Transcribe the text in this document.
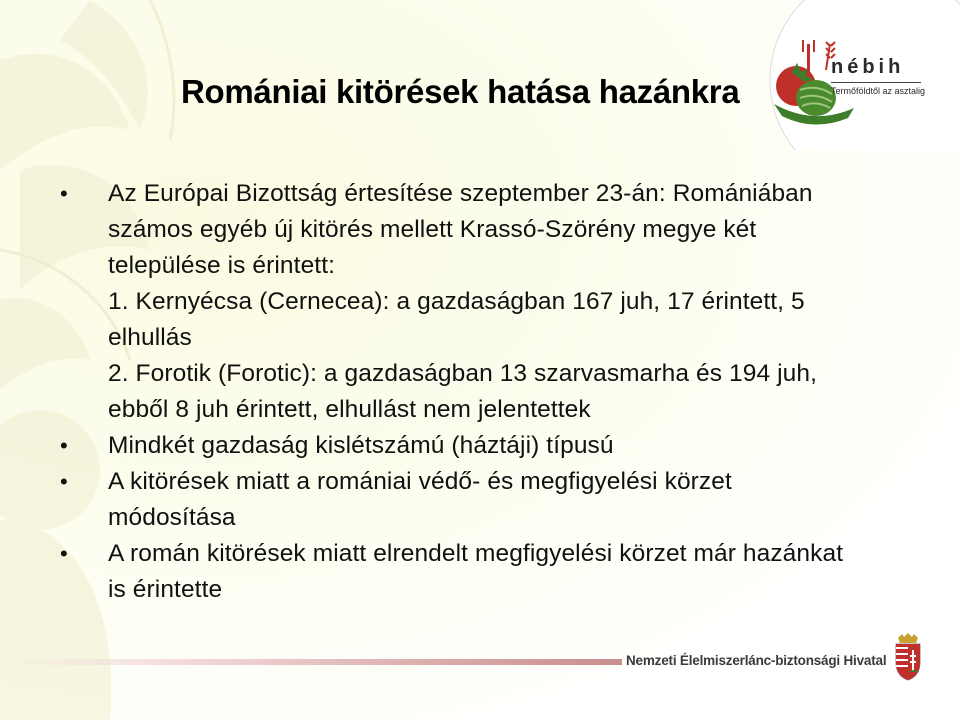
nébih
Termőföldtől az asztalig
Romániai kitörések hatása hazánkra
•	Az Európai Bizottság értesítése szeptember 23-án: Romániában számos egyéb új kitörés mellett Krassó-Szörény megye két települése is érintett:
1. Kernyécsa (Cernecea): a gazdaságban 167 juh, 17 érintett, 5 elhullás
2. Forotik (Forotic): a gazdaságban 13 szarvasmarha és 194 juh, ebből 8 juh érintett, elhullást nem jelentettek
•	Mindkét gazdaság kislétszámú (háztáji) típusú
•	A kitörések miatt a romániai védő- és megfigyelési körzet módosítása
•	A román kitörések miatt elrendelt megfigyelési körzet már hazánkat is érintette
Nemzeti Élelmiszerlánc-biztonsági Hivatal
